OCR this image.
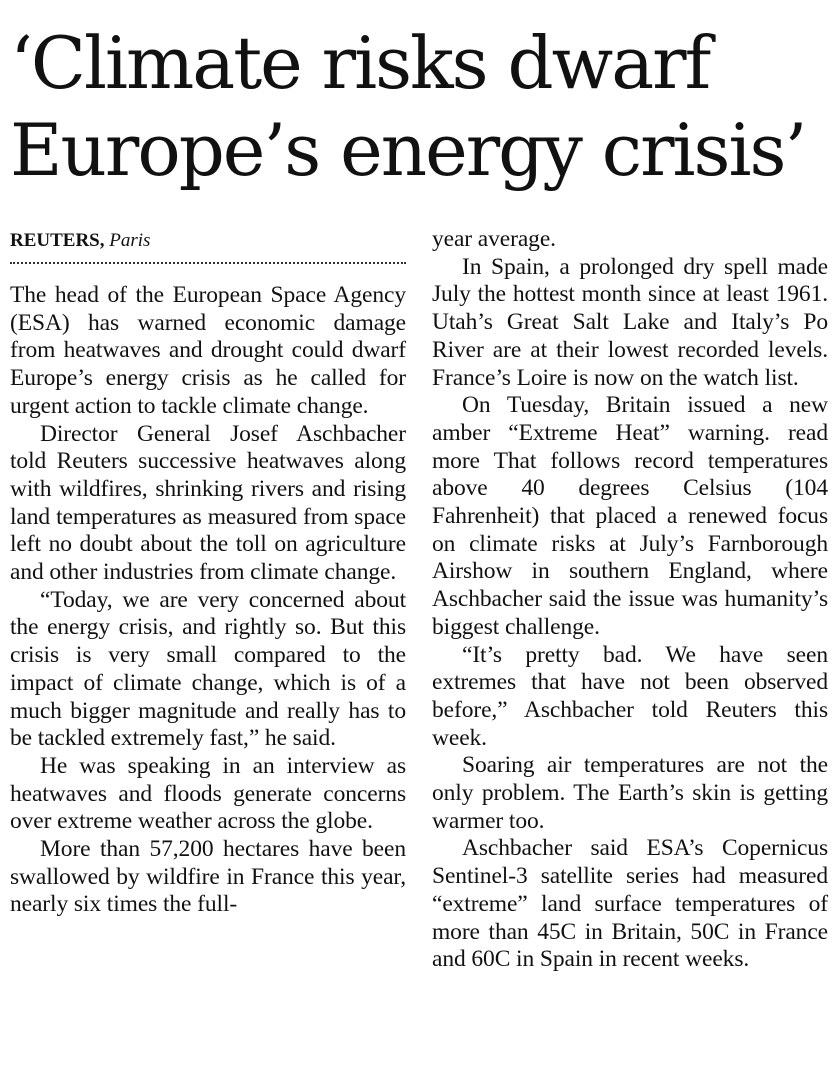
‘Climate risks dwarf
Europe’s energy crisis’
REUTERS, Paris

The head of the European Space Agency (ESA) has warned economic damage from heatwaves and drought could dwarf Europe’s energy crisis as he called for urgent action to tackle climate change.

Director General Josef Aschbacher told Reuters successive heatwaves along with wildfires, shrinking rivers and rising land temperatures as measured from space left no doubt about the toll on agriculture and other industries from climate change.

“Today, we are very concerned about the energy crisis, and rightly so. But this crisis is very small compared to the impact of climate change, which is of a much bigger magnitude and really has to be tackled extremely fast,” he said.

He was speaking in an interview as heatwaves and floods generate concerns over extreme weather across the globe.

More than 57,200 hectares have been swallowed by wildfire in France this year, nearly six times the full-

year average.

In Spain, a prolonged dry spell made July the hottest month since at least 1961. Utah’s Great Salt Lake and Italy’s Po River are at their lowest recorded levels. France’s Loire is now on the watch list.

On Tuesday, Britain issued a new amber “Extreme Heat” warning. read more That follows record temperatures above 40 degrees Celsius (104 Fahrenheit) that placed a renewed focus on climate risks at July’s Farnborough Airshow in southern England, where Aschbacher said the issue was humanity’s biggest challenge.

“It’s pretty bad. We have seen extremes that have not been observed before,” Aschbacher told Reuters this week.

Soaring air temperatures are not the only problem. The Earth’s skin is getting warmer too.

Aschbacher said ESA’s Copernicus Sentinel-3 satellite series had measured “extreme” land surface temperatures of more than 45C in Britain, 50C in France and 60C in Spain in recent weeks.
